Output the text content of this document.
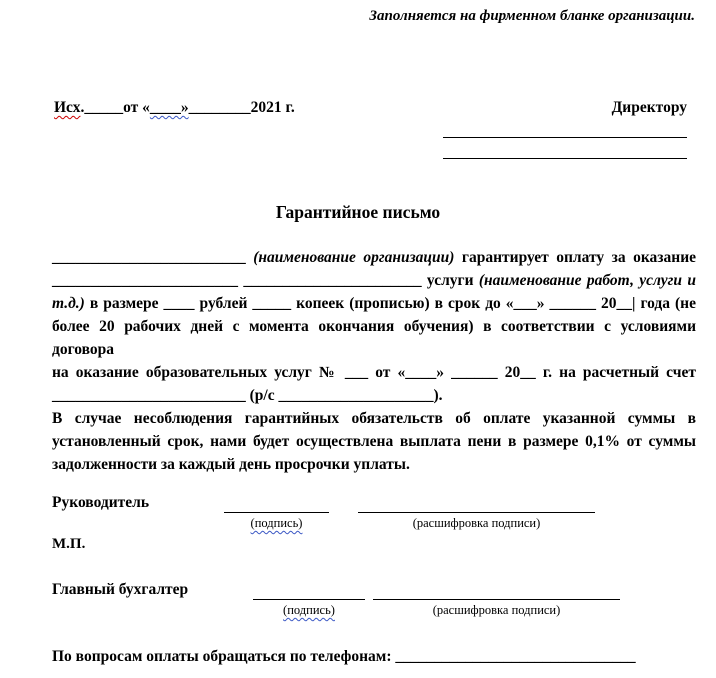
Заполняется на фирменном бланке организации.
Исх._____от «____»________2021 г.	Директору
Гарантийное письмо
_________________________ (наименование организации) гарантирует оплату за оказание
________________________ _______________________ услуги (наименование работ, услуги и
т.д.) в размере ____ рублей _____ копеек (прописью) в срок до «___» ______ 20__| года (не
более 20 рабочих дней с момента окончания обучения) в соответствии с условиями договора
на оказание образовательных услуг № ___ от «____» ______ 20__ г. на расчетный счет
_________________________ (р/с ____________________).
В случае несоблюдения гарантийных обязательств об оплате указанной суммы в
установленный срок, нами будет осуществлена выплата пени в размере 0,1% от суммы
задолженности за каждый день просрочки уплаты.
Руководитель
(подпись)	(расшифровка подписи)
М.П.
Главный бухгалтер
(подпись)	(расшифровка подписи)
По вопросам оплаты обращаться по телефонам: _______________________________
